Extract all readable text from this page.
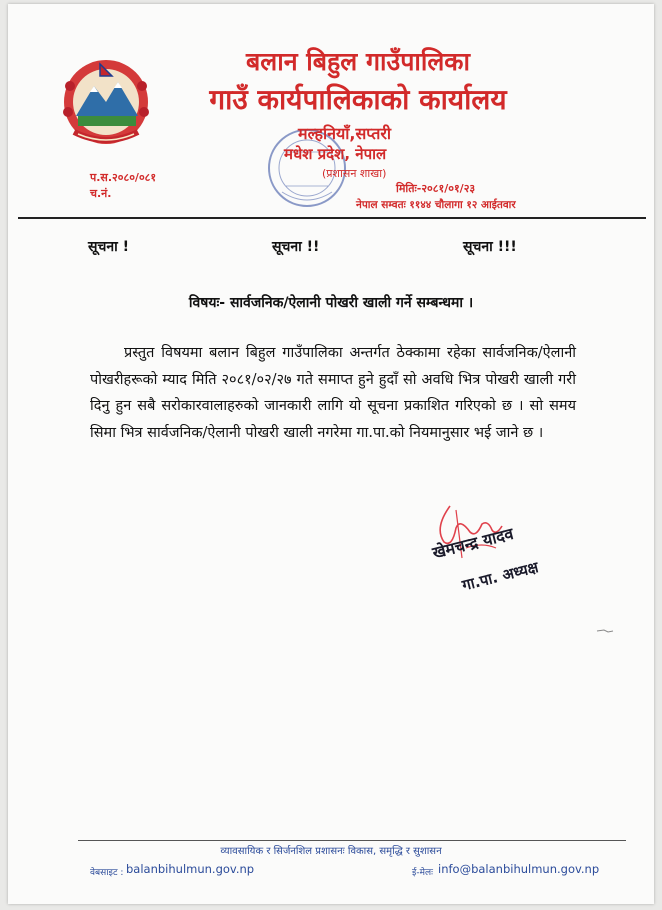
बलान बिहुल गाउँपालिका
गाउँ कार्यपालिकाको कार्यालय
मल्हनियाँ,सप्तरी
मधेश प्रदेश, नेपाल
(प्रशासन शाखा)
प.स.२०८०/०८१
च.नं.	मितिः-२०८१/०१/२३
नेपाल सम्वतः ११४४ चौलागा १२ आईतवार
सूचना !	सूचना !!	सूचना !!!
विषयः- सार्वजनिक/ऐलानी पोखरी खाली गर्ने सम्बन्धमा ।

प्रस्तुत विषयमा बलान बिहुल गाउँपालिका अन्तर्गत ठेक्कामा रहेका सार्वजनिक/ऐलानी पोखरीहरूको म्याद मिति २०८१/०२/२७ गते समाप्त हुने हुदाँ सो अवधि भित्र पोखरी खाली गरी दिनु हुन सबै सरोकारवालाहरुको जानकारी लागि यो सूचना प्रकाशित गरिएको छ । सो समय सिमा भित्र सार्वजनिक/ऐलानी पोखरी खाली नगरेमा गा.पा.को नियमानुसार भई जाने छ ।

खेमचन्द्र यादव
गा.पा. अध्यक्ष
व्यावसायिक र सिर्जनशिल प्रशासनः विकास, समृद्धि र सुशासन
वेबसाइट : balanbihulmun.gov.np	ई-मेलः info@balanbihulmun.gov.np
